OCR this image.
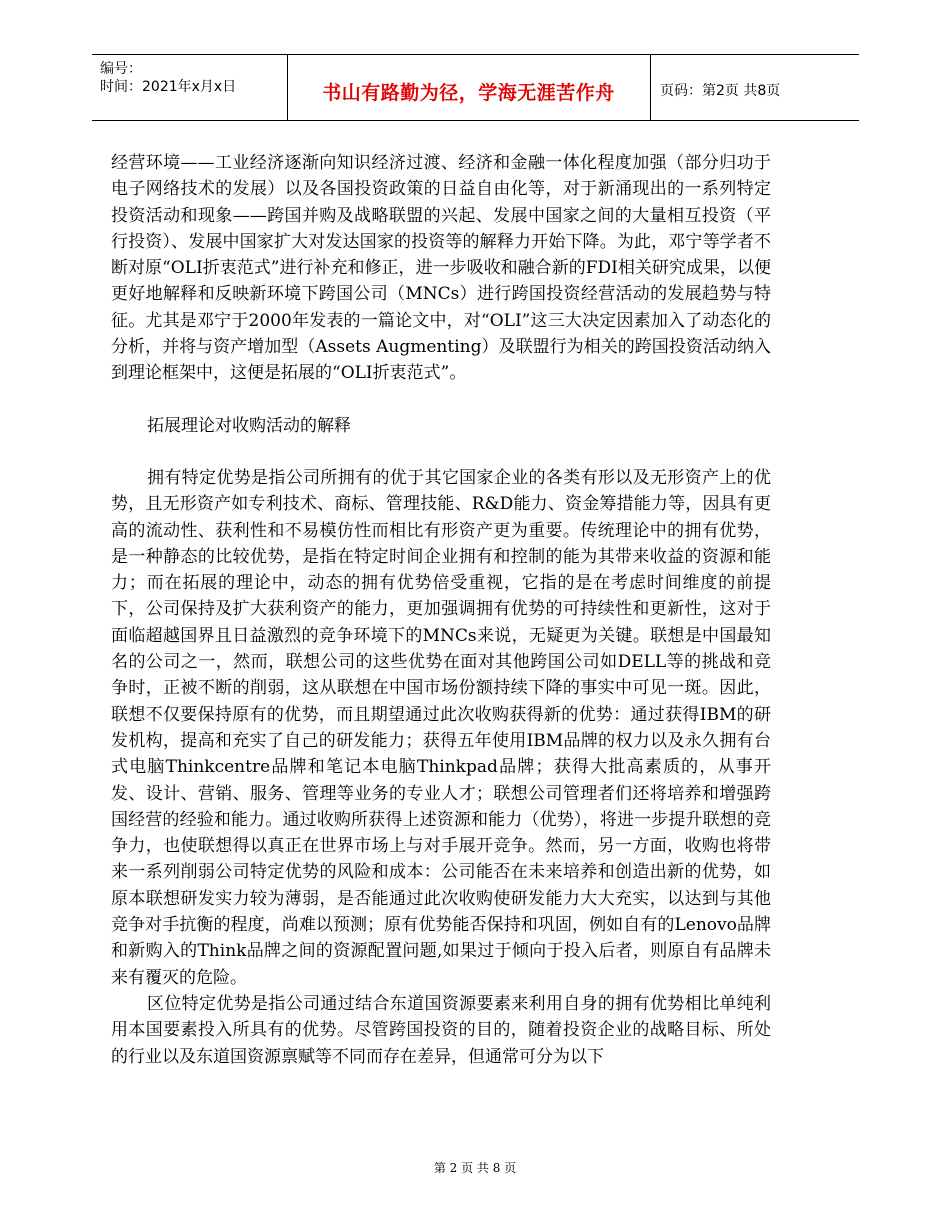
编号：
时间：2021年x月x日	书山有路勤为径，学海无涯苦作舟	页码：第2页 共8页

经营环境——工业经济逐渐向知识经济过渡、经济和金融一体化程度加强（部分归功于电子网络技术的发展）以及各国投资政策的日益自由化等，对于新涌现出的一系列特定投资活动和现象——跨国并购及战略联盟的兴起、发展中国家之间的大量相互投资（平行投资）、发展中国家扩大对发达国家的投资等的解释力开始下降。为此，邓宁等学者不断对原“OLI折衷范式”进行补充和修正，进一步吸收和融合新的FDI相关研究成果，以便更好地解释和反映新环境下跨国公司（MNCs）进行跨国投资经营活动的发展趋势与特征。尤其是邓宁于2000年发表的一篇论文中，对“OLI”这三大决定因素加入了动态化的分析，并将与资产增加型（Assets Augmenting）及联盟行为相关的跨国投资活动纳入到理论框架中，这便是拓展的“OLI折衷范式”。

拓展理论对收购活动的解释

拥有特定优势是指公司所拥有的优于其它国家企业的各类有形以及无形资产上的优势，且无形资产如专利技术、商标、管理技能、R&D能力、资金筹措能力等，因具有更高的流动性、获利性和不易模仿性而相比有形资产更为重要。传统理论中的拥有优势，是一种静态的比较优势，是指在特定时间企业拥有和控制的能为其带来收益的资源和能力；而在拓展的理论中，动态的拥有优势倍受重视，它指的是在考虑时间维度的前提下，公司保持及扩大获利资产的能力，更加强调拥有优势的可持续性和更新性，这对于面临超越国界且日益激烈的竞争环境下的MNCs来说，无疑更为关键。联想是中国最知名的公司之一，然而，联想公司的这些优势在面对其他跨国公司如DELL等的挑战和竞争时，正被不断的削弱，这从联想在中国市场份额持续下降的事实中可见一斑。因此，联想不仅要保持原有的优势，而且期望通过此次收购获得新的优势：通过获得IBM的研发机构，提高和充实了自己的研发能力；获得五年使用IBM品牌的权力以及永久拥有台式电脑Thinkcentre品牌和笔记本电脑Thinkpad品牌；获得大批高素质的，从事开发、设计、营销、服务、管理等业务的专业人才；联想公司管理者们还将培养和增强跨国经营的经验和能力。通过收购所获得上述资源和能力（优势），将进一步提升联想的竞争力，也使联想得以真正在世界市场上与对手展开竞争。然而，另一方面，收购也将带来一系列削弱公司特定优势的风险和成本：公司能否在未来培养和创造出新的优势，如原本联想研发实力较为薄弱，是否能通过此次收购使研发能力大大充实，以达到与其他竞争对手抗衡的程度，尚难以预测；原有优势能否保持和巩固，例如自有的Lenovo品牌和新购入的Think品牌之间的资源配置问题,如果过于倾向于投入后者，则原自有品牌未来有覆灭的危险。

区位特定优势是指公司通过结合东道国资源要素来利用自身的拥有优势相比单纯利用本国要素投入所具有的优势。尽管跨国投资的目的，随着投资企业的战略目标、所处的行业以及东道国资源禀赋等不同而存在差异，但通常可分为以下

第 2 页 共 8 页
